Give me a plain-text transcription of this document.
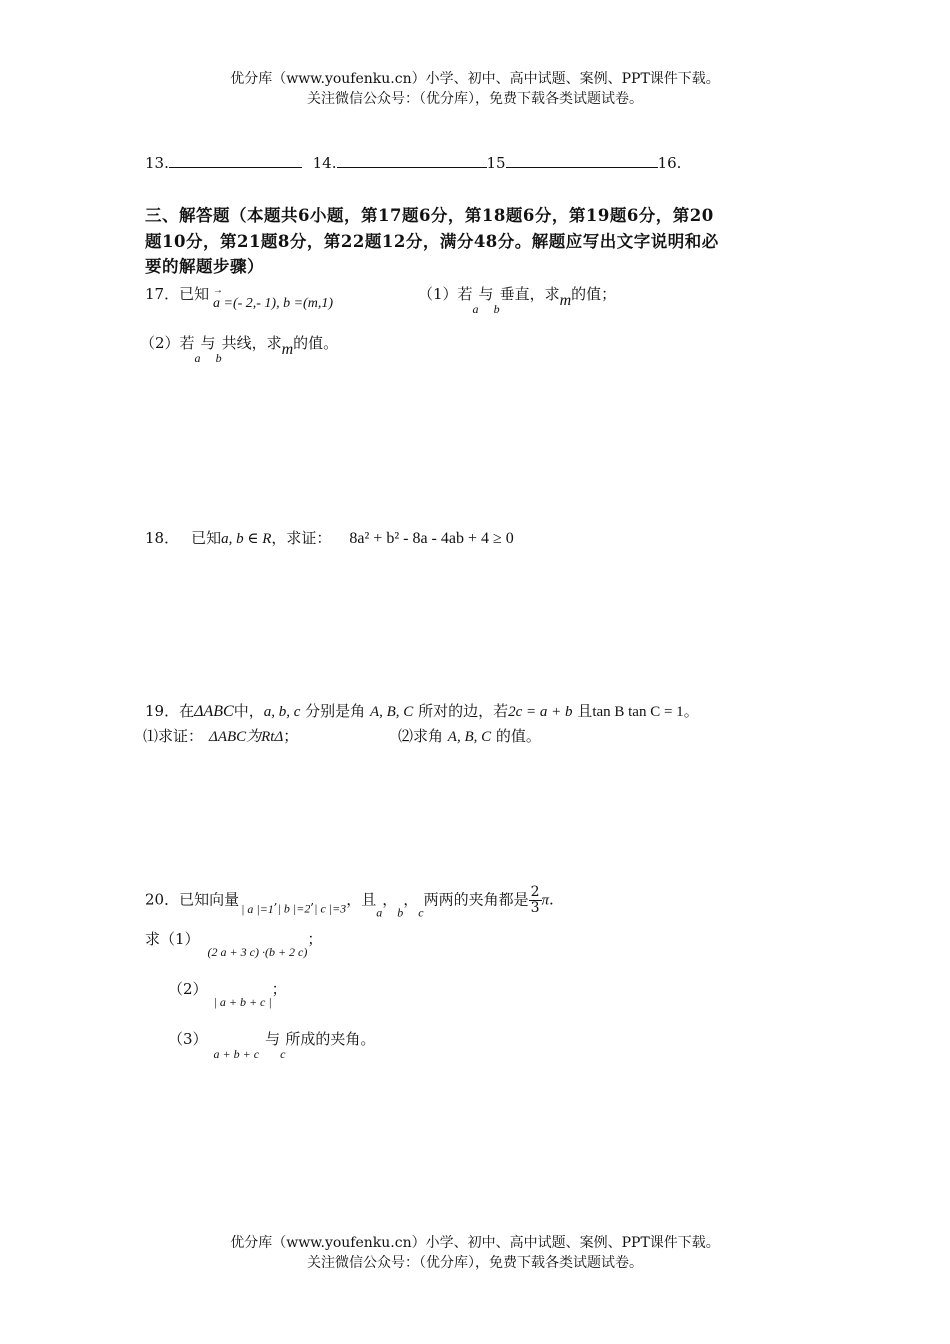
优分库（www.youfenku.cn）小学、初中、高中试题、案例、PPT课件下载。
关注微信公众号：（优分库），免费下载各类试题试卷。
13.	14.	15	16.
三、解答题（本题共6小题，第17题6分，第18题6分，第19题6分，第20
题10分，第21题8分，第22题12分，满分48分。解题应写出文字说明和必
要的解题步骤）
17．已知
→ a =(- 2,- 1), b =(m,1)
（1）若$_a$与$_b$垂直，求m的值；
（2）若$_a$与$_b$共线，求m的值。
18． 已知a, b ∈ R，求证： 8a² + b² - 8a - 4ab + 4 ≥ 0
19．在ΔABC中，a, b, c 分别是角 A, B, C 所对的边，若2c = a + b 且tan B tan C = 1。
⑴求证： ΔABC为RtΔ；	⑵求角 A, B, C 的值。
20．已知向量 $_{| a |=1},_{| b |=2},_{| c |=3}$，且$_a$，$_b$，$_c$两两的夹角都是 $\frac{2}{3} \pi$.
求$(1)_{(2 a + 3 c) \cdot(b + 2 c)}$；
$(2)_{| a + b + c |}$；
$(3)_{a + b + c}$与$_c$所成的夹角。
优分库（www.youfenku.cn）小学、初中、高中试题、案例、PPT课件下载。
关注微信公众号：（优分库），免费下载各类试题试卷。
